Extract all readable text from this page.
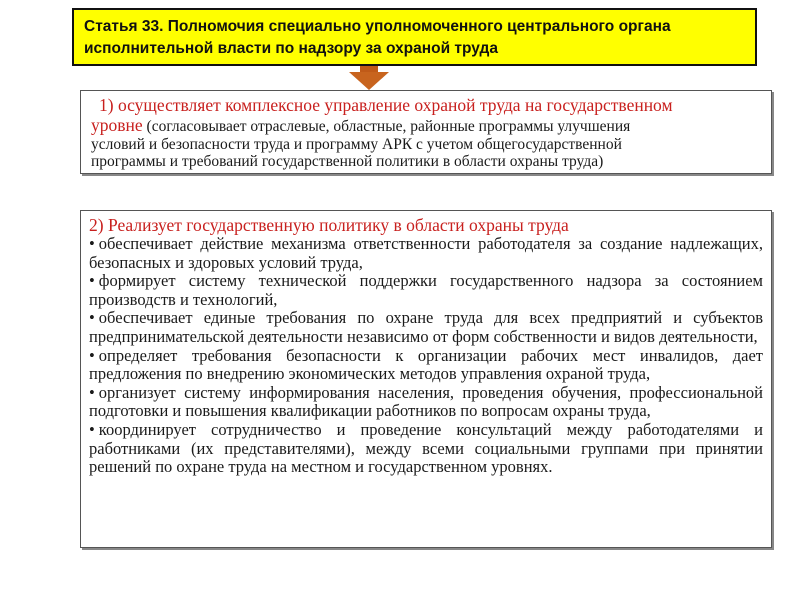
Статья 33. Полномочия специально уполномоченного центрального органа
исполнительной власти по надзору за охраной труда
1) осуществляет комплексное управление охраной труда на государственном
уровне (согласовывает отраслевые, областные, районные программы улучшения
условий и безопасности труда и программу АРК с учетом общегосударственной
программы и требований государственной политики в области охраны труда)
2) Реализует государственную политику в области охраны труда
• обеспечивает действие механизма ответственности работодателя за создание надлежащих, безопасных и здоровых условий труда,
• формирует систему технической поддержки государственного надзора за состоянием производств и технологий,
• обеспечивает единые требования по охране труда для всех предприятий и субъектов предпринимательской деятельности независимо от форм собственности и видов деятельности,
• определяет требования безопасности к организации рабочих мест инвалидов, дает предложения по внедрению экономических методов управления охраной труда,
• организует систему информирования населения, проведения обучения, профессиональной подготовки и повышения квалификации работников по вопросам охраны труда,
• координирует сотрудничество и проведение консультаций между работодателями и работниками (их представителями), между всеми социальными группами при принятии решений по охране труда на местном и государственном уровнях.
